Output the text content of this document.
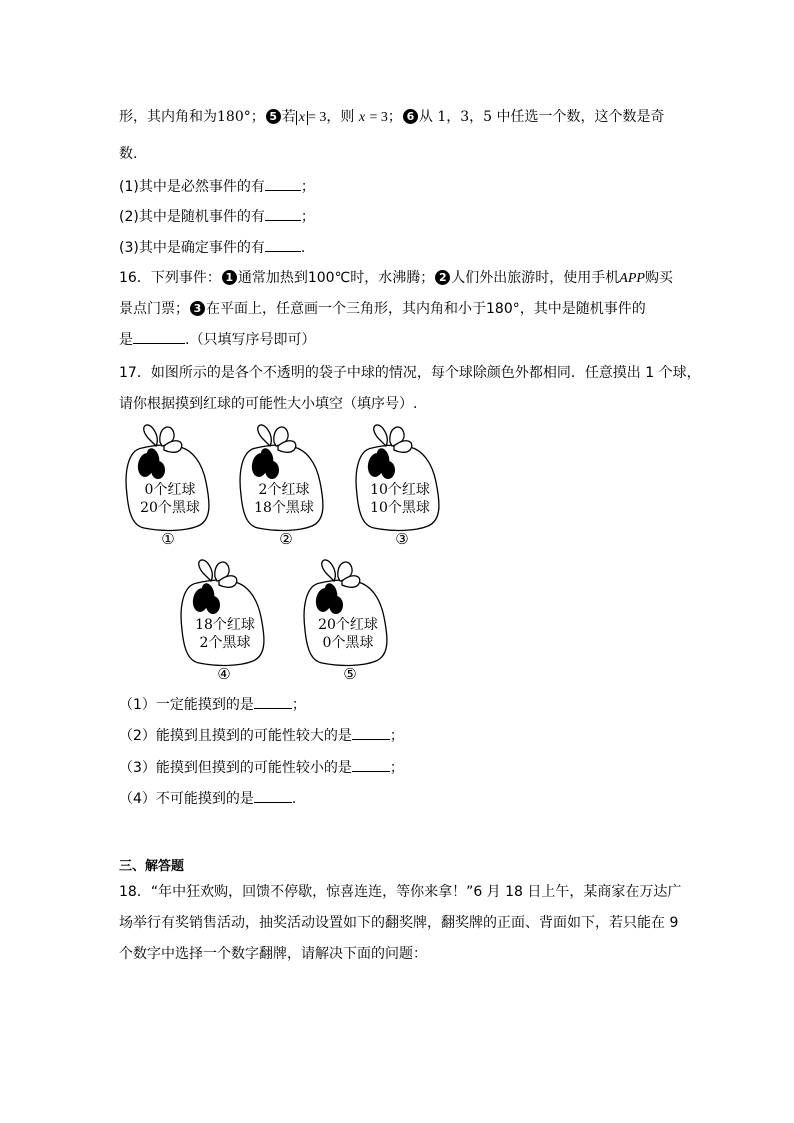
形，其内角和为180°； 5 若 x = 3，则 x = 3； 6 从 1，3，5 中任选一个数，这个数是奇
数.
(1)其中是必然事件的有	；
(2)其中是随机事件的有	；
(3)其中是确定事件的有	.
16．下列事件： 1 通常加热到100℃时，水沸腾； 2 人们外出旅游时，使用手机APP购买
景点门票； 3 在平面上，任意画一个三角形，其内角和小于180°，其中是随机事件的
是	.（只填写序号即可）
17．如图所示的是各个不透明的袋子中球的情况，每个球除颜色外都相同．任意摸出 1 个球，
请你根据摸到红球的可能性大小填空（填序号）.
0个红球
20个黑球
①
2个红球
18个黑球
②
10个红球
10个黑球
③
18个红球
2个黑球
④
20个红球
0个黑球
⑤
（1）一定能摸到的是	；
（2）能摸到且摸到的可能性较大的是	；
（3）能摸到但摸到的可能性较小的是	；
（4）不可能摸到的是	.
三、解答题
18．“年中狂欢购，回馈不停歇，惊喜连连，等你来拿！”6 月 18 日上午，某商家在万达广
场举行有奖销售活动，抽奖活动设置如下的翻奖牌，翻奖牌的正面、背面如下，若只能在 9
个数字中选择一个数字翻牌，请解决下面的问题：
